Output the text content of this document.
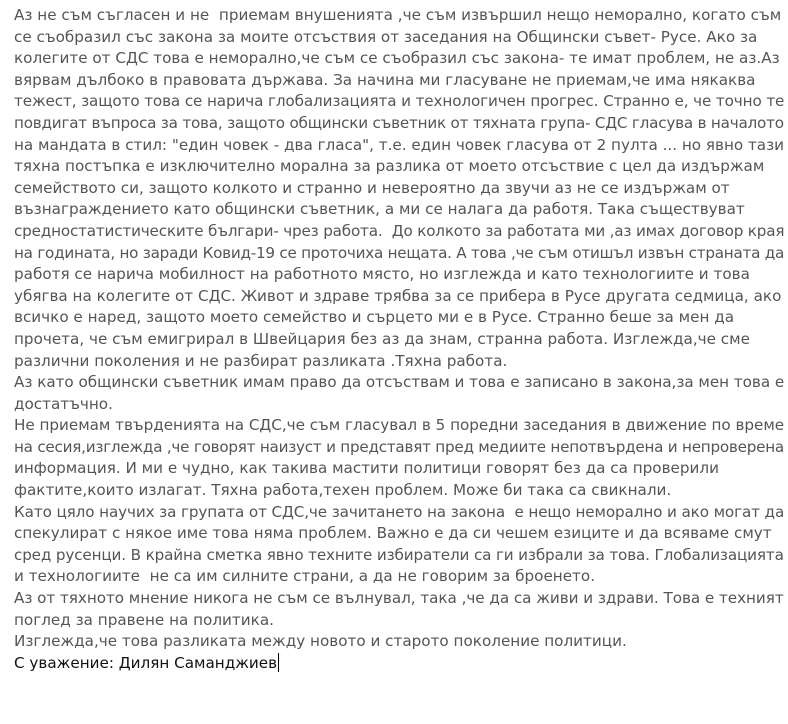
Аз не съм съгласен и не  приемам внушенията ,че съм извършил нещо неморално, когато съм
се съобразил със закона за моите отсъствия от заседания на Общински съвет- Русе. Ако за
колегите от СДС това е неморално,че съм се съобразил със закона- те имат проблем, не аз.Аз
вярвам дълбоко в правовата държава. За начина ми гласуване не приемам,че има някаква
тежест, защото това се нарича глобализацията и технологичен прогрес. Странно е, че точно те
повдигат въпроса за това, защото общински съветник от тяхната група- СДС гласува в началото
на мандата в стил: "един човек - два гласа", т.е. един човек гласува от 2 пулта ... но явно тази
тяхна постъпка е изключително морална за разлика от моето отсъствие с цел да издържам
семейството си, защото колкото и странно и невероятно да звучи аз не се издържам от
възнаграждението като общински съветник, а ми се налага да работя. Така съществуват
средностатистическите българи- чрез работа.  До колкото за работата ми ,аз имах договор края
на годината, но заради Ковид-19 се проточиха нещата. А това ,че съм отишъл извън страната да
работя се нарича мобилност на работното място, но изглежда и като технологиите и това
убягва на колегите от СДС. Живот и здраве трябва за се прибера в Русе другата седмица, ако
всичко е наред, защото моето семейство и сърцето ми е в Русе. Странно беше за мен да
прочета, че съм емигрирал в Швейцария без аз да знам, странна работа. Изглежда,че сме
различни поколения и не разбират разликата .Тяхна работа.
Аз като общински съветник имам право да отсъствам и това е записано в закона,за мен това е
достатъчно.
Не приемам твърденията на СДС,че съм гласувал в 5 поредни заседания в движение по време
на сесия,изглежда ,че говорят наизуст и представят пред медиите непотвърдена и непроверена
информация. И ми е чудно, как такива мастити политици говорят без да са проверили
фактите,които излагат. Тяхна работа,техен проблем. Може би така са свикнали.
Като цяло научих за групата от СДС,че зачитането на закона  е нещо неморално и ако могат да
спекулират с някое име това няма проблем. Важно е да си чешем езиците и да всяваме смут
сред русенци. В крайна сметка явно техните избиратели са ги избрали за това. Глобализацията
и технологиите  не са им силните страни, а да не говорим за броенето.
Аз от тяхното мнение никога не съм се вълнувал, така ,че да са живи и здрави. Това е техният
поглед за правене на политика.
Изглежда,че това разликата между новото и старото поколение политици.
С уважение: Дилян Саманджиев
